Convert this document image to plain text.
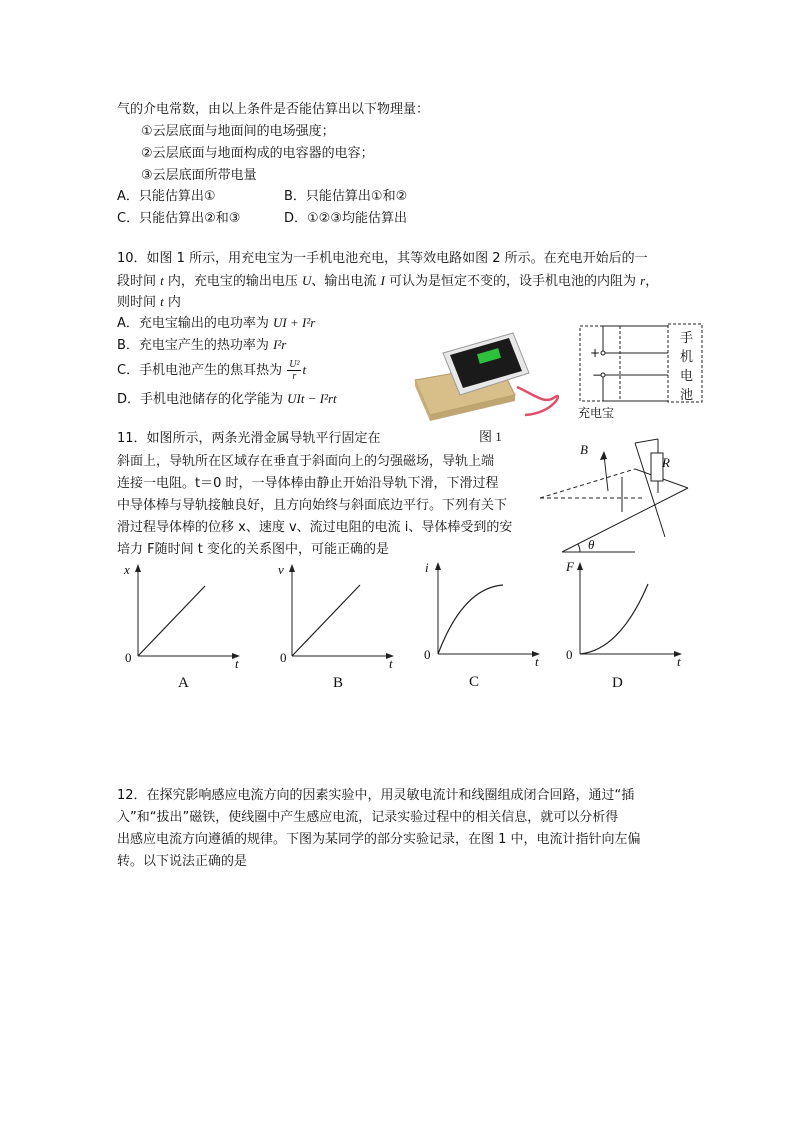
气的介电常数，由以上条件是否能估算出以下物理量：
①云层底面与地面间的电场强度；
②云层底面与地面构成的电容器的电容；
③云层底面所带电量
A．只能估算出①	B．只能估算出①和②
C．只能估算出②和③	D．①②③均能估算出
10．如图 1 所示，用充电宝为一手机电池充电，其等效电路如图 2 所示。在充电开始后的一
段时间 t 内，充电宝的输出电压 U、输出电流 I 可认为是恒定不变的，设手机电池的内阻为 r，
则时间 t 内
A．充电宝输出的电功率为 UI + I²r
B．充电宝产生的热功率为 I²r
C．手机电池产生的焦耳热为 $\frac{\text{U²}}{r}$ t
D．手机电池储存的化学能为 UIt − I²rt
图 1
+
−
充电宝
手
机
电
池
11．如图所示，两条光滑金属导轨平行固定在
斜面上，导轨所在区域存在垂直于斜面向上的匀强磁场，导轨上端
连接一电阻。t＝0 时，一导体棒由静止开始沿导轨下滑，下滑过程
中导体棒与导轨接触良好，且方向始终与斜面底边平行。下列有关下
滑过程导体棒的位移 x、速度 v、流过电阻的电流 i、导体棒受到的安
培力 F随时间 t 变化的关系图中，可能正确的是
B
R
θ
x
0	t
A
v
0	t
B
i
0	t
C
F
0	t
D
12．在探究影响感应电流方向的因素实验中，用灵敏电流计和线圈组成闭合回路，通过“插
入”和“拔出”磁铁，使线圈中产生感应电流，记录实验过程中的相关信息，就可以分析得
出感应电流方向遵循的规律。下图为某同学的部分实验记录，在图 1 中，电流计指针向左偏
转。以下说法正确的是
